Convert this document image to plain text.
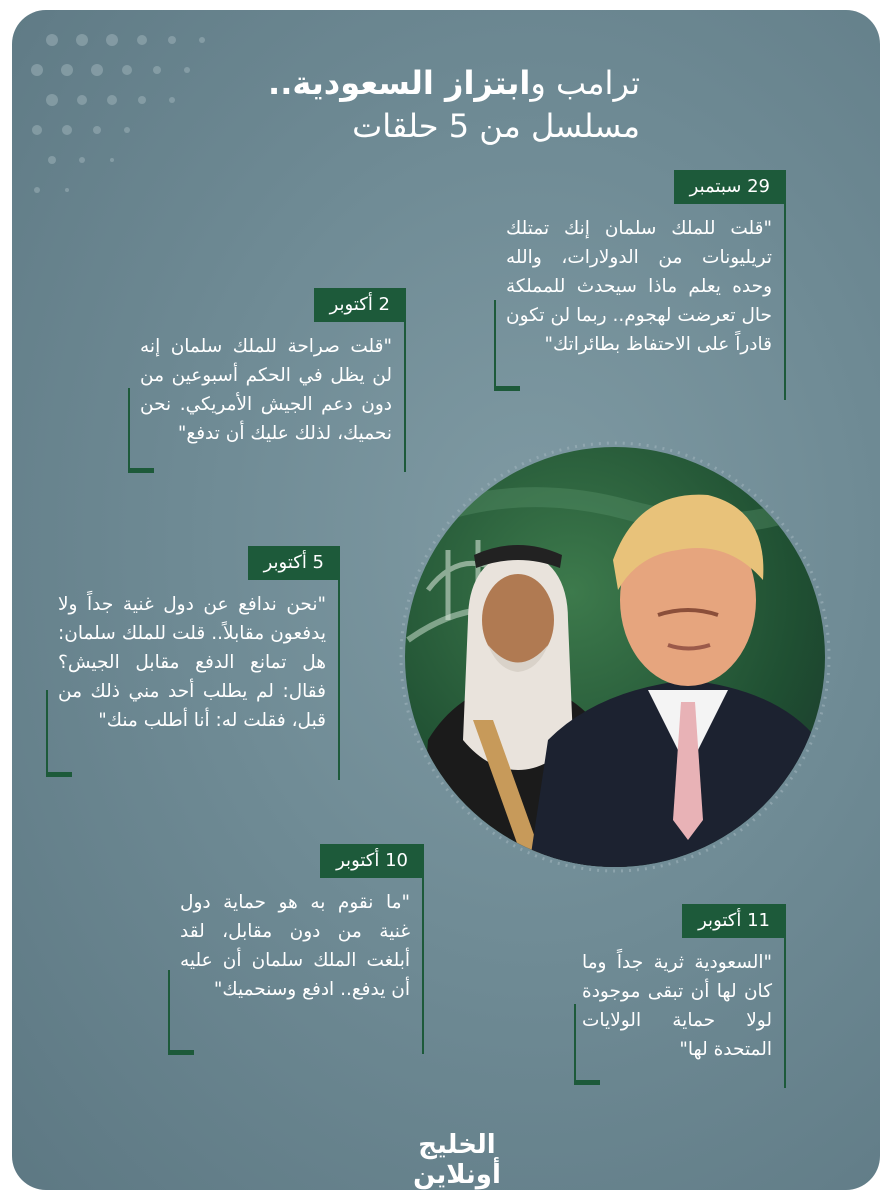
ترامب وابتزاز السعودية..
مسلسل من 5 حلقات
29 سبتمبر
"قلت للملك سلمان إنك تمتلك تريليونات من الدولارات، والله وحده يعلم ماذا سيحدث للمملكة حال تعرضت لهجوم.. ربما لن تكون قادراً على الاحتفاظ بطائراتك"
2 أكتوبر
"قلت صراحة للملك سلمان إنه لن يظل في الحكم أسبوعين من دون دعم الجيش الأمريكي. نحن نحميك، لذلك عليك أن تدفع"
5 أكتوبر
"نحن ندافع عن دول غنية جداً ولا يدفعون مقابلاً.. قلت للملك سلمان: هل تمانع الدفع مقابل الجيش؟ فقال: لم يطلب أحد مني ذلك من قبل، فقلت له: أنا أطلب منك"
10 أكتوبر
"ما نقوم به هو حماية دول غنية من دون مقابل، لقد أبلغت الملك سلمان أن عليه أن يدفع.. ادفع وسنحميك"
11 أكتوبر
"السعودية ثرية جداً وما كان لها أن تبقى موجودة لولا حماية الولايات المتحدة لها"
الخليج أونلاين
نبض الخليج العربي
